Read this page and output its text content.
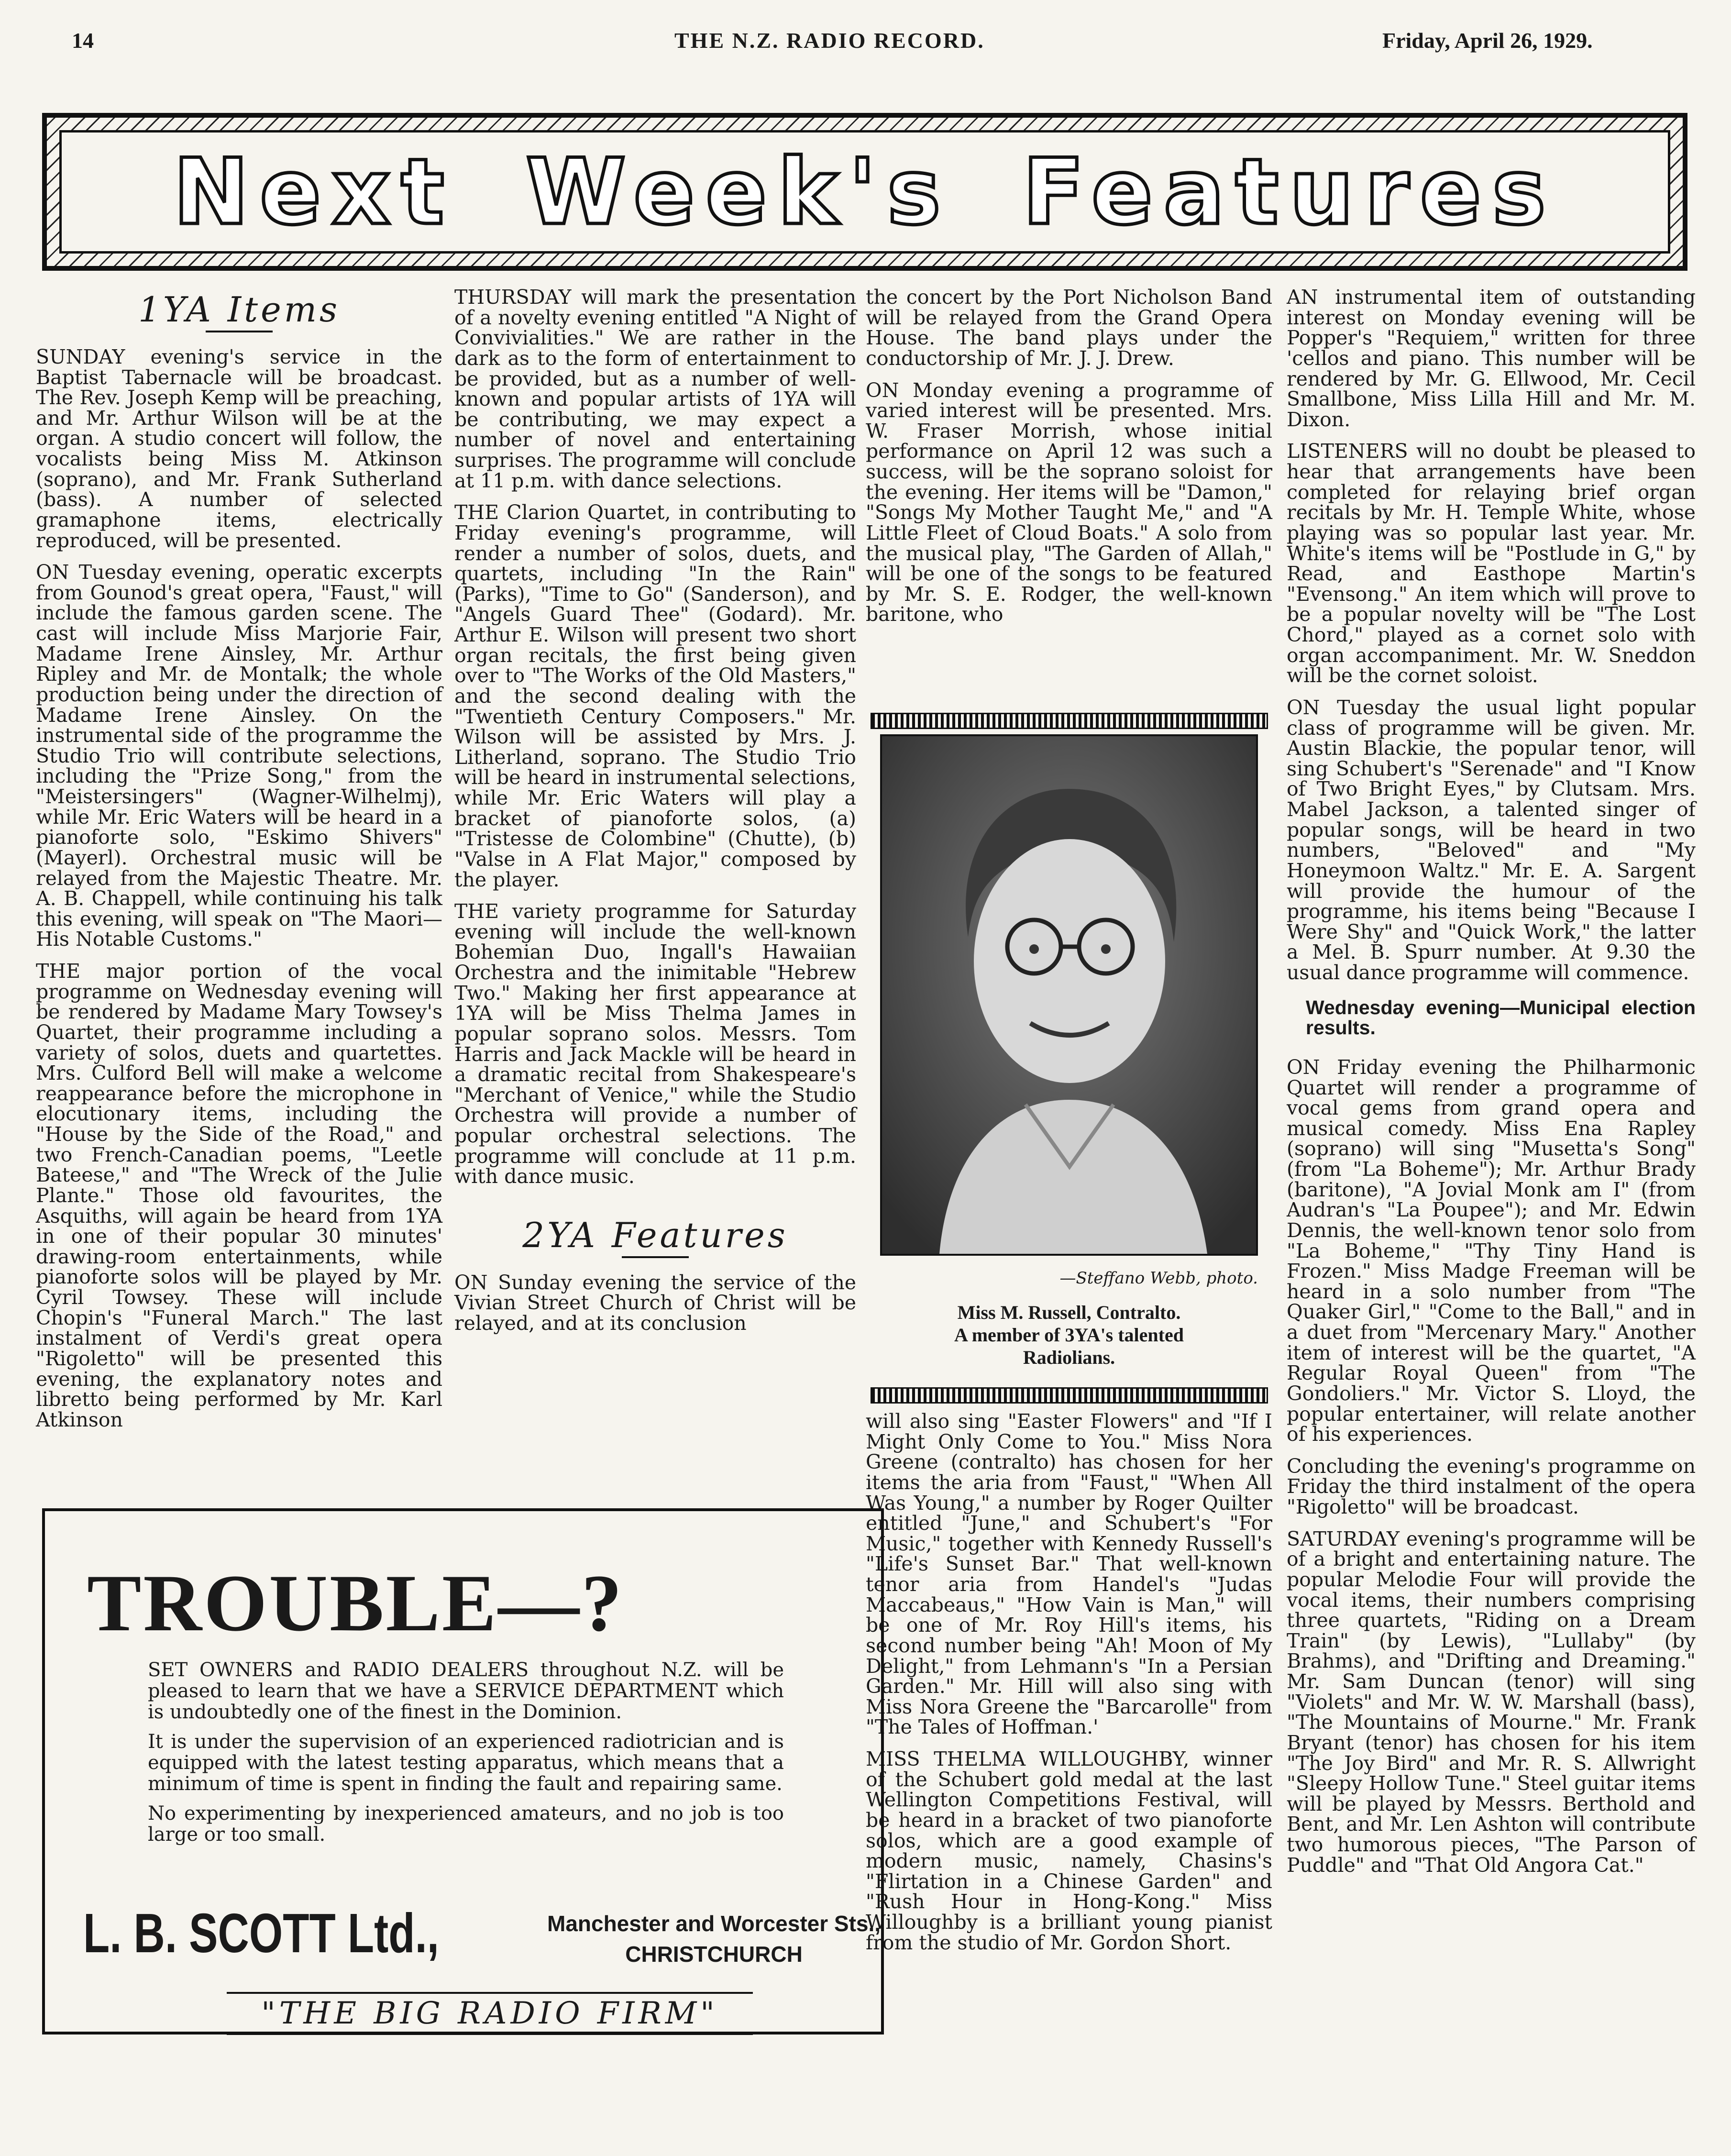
14	THE N.Z. RADIO RECORD.	Friday, April 26, 1929.
Next Week's Features
1YA Items

SUNDAY evening's service in the Baptist Tabernacle will be broadcast. The Rev. Joseph Kemp will be preaching, and Mr. Arthur Wilson will be at the organ. A studio concert will follow, the vocalists being Miss M. Atkinson (soprano), and Mr. Frank Sutherland (bass). A number of selected gramaphone items, electrically reproduced, will be presented.

ON Tuesday evening, operatic excerpts from Gounod's great opera, "Faust," will include the famous garden scene. The cast will include Miss Marjorie Fair, Madame Irene Ainsley, Mr. Arthur Ripley and Mr. de Montalk; the whole production being under the direction of Madame Irene Ainsley. On the instrumental side of the programme the Studio Trio will contribute selections, including the "Prize Song," from the "Meistersingers" (Wagner-Wilhelmj), while Mr. Eric Waters will be heard in a pianoforte solo, "Eskimo Shivers" (Mayerl). Orchestral music will be relayed from the Majestic Theatre. Mr. A. B. Chappell, while continuing his talk this evening, will speak on "The Maori—His Notable Customs."

THE major portion of the vocal programme on Wednesday evening will be rendered by Madame Mary Towsey's Quartet, their programme including a variety of solos, duets and quartettes. Mrs. Culford Bell will make a welcome reappearance before the microphone in elocutionary items, including the "House by the Side of the Road," and two French-Canadian poems, "Leetle Bateese," and "The Wreck of the Julie Plante." Those old favourites, the Asquiths, will again be heard from 1YA in one of their popular 30 minutes' drawing-room entertainments, while pianoforte solos will be played by Mr. Cyril Towsey. These will include Chopin's "Funeral March." The last instalment of Verdi's great opera "Rigoletto" will be presented this evening, the explanatory notes and libretto being performed by Mr. Karl Atkinson

THURSDAY will mark the presentation of a novelty evening entitled "A Night of Convivialities." We are rather in the dark as to the form of entertainment to be provided, but as a number of well-known and popular artists of 1YA will be contributing, we may expect a number of novel and entertaining surprises. The programme will conclude at 11 p.m. with dance selections.

THE Clarion Quartet, in contributing to Friday evening's programme, will render a number of solos, duets, and quartets, including "In the Rain" (Parks), "Time to Go" (Sanderson), and "Angels Guard Thee" (Godard). Mr. Arthur E. Wilson will present two short organ recitals, the first being given over to "The Works of the Old Masters," and the second dealing with the "Twentieth Century Composers." Mr. Wilson will be assisted by Mrs. J. Litherland, soprano. The Studio Trio will be heard in instrumental selections, while Mr. Eric Waters will play a bracket of pianoforte solos, (a) "Tristesse de Colombine" (Chutte), (b) "Valse in A Flat Major," composed by the player.

THE variety programme for Saturday evening will include the well-known Bohemian Duo, Ingall's Hawaiian Orchestra and the inimitable "Hebrew Two." Making her first appearance at 1YA will be Miss Thelma James in popular soprano solos. Messrs. Tom Harris and Jack Mackle will be heard in a dramatic recital from Shakespeare's "Merchant of Venice," while the Studio Orchestra will provide a number of popular orchestral selections. The programme will conclude at 11 p.m. with dance music.

2YA Features

ON Sunday evening the service of the Vivian Street Church of Christ will be relayed, and at its conclusion

the concert by the Port Nicholson Band will be relayed from the Grand Opera House. The band plays under the conductorship of Mr. J. J. Drew.

ON Monday evening a programme of varied interest will be presented. Mrs. W. Fraser Morrish, whose initial performance on April 12 was such a success, will be the soprano soloist for the evening. Her items will be "Damon," "Songs My Mother Taught Me," and "A Little Fleet of Cloud Boats." A solo from the musical play, "The Garden of Allah," will be one of the songs to be featured by Mr. S. E. Rodger, the well-known baritone, who

—Steffano Webb, photo.
Miss M. Russell, Contralto.
A member of 3YA's talented
Radiolians.

will also sing "Easter Flowers" and "If I Might Only Come to You." Miss Nora Greene (contralto) has chosen for her items the aria from "Faust," "When All Was Young," a number by Roger Quilter entitled "June," and Schubert's "For Music," together with Kennedy Russell's "Life's Sunset Bar." That well-known tenor aria from Handel's "Judas Maccabeaus," "How Vain is Man," will be one of Mr. Roy Hill's items, his second number being "Ah! Moon of My Delight," from Lehmann's "In a Persian Garden." Mr. Hill will also sing with Miss Nora Greene the "Barcarolle" from "The Tales of Hoffman.'

MISS THELMA WILLOUGHBY, winner of the Schubert gold medal at the last Wellington Competitions Festival, will be heard in a bracket of two pianoforte solos, which are a good example of modern music, namely, Chasins's "Flirtation in a Chinese Garden" and "Rush Hour in Hong-Kong." Miss Willoughby is a brilliant young pianist from the studio of Mr. Gordon Short.

AN instrumental item of outstanding interest on Monday evening will be Popper's "Requiem," written for three 'cellos and piano. This number will be rendered by Mr. G. Ellwood, Mr. Cecil Smallbone, Miss Lilla Hill and Mr. M. Dixon.

LISTENERS will no doubt be pleased to hear that arrangements have been completed for relaying brief organ recitals by Mr. H. Temple White, whose playing was so popular last year. Mr. White's items will be "Postlude in G," by Read, and Easthope Martin's "Evensong." An item which will prove to be a popular novelty will be "The Lost Chord," played as a cornet solo with organ accompaniment. Mr. W. Sneddon will be the cornet soloist.

ON Tuesday the usual light popular class of programme will be given. Mr. Austin Blackie, the popular tenor, will sing Schubert's "Serenade" and "I Know of Two Bright Eyes," by Clutsam. Mrs. Mabel Jackson, a talented singer of popular songs, will be heard in two numbers, "Beloved" and "My Honeymoon Waltz." Mr. E. A. Sargent will provide the humour of the programme, his items being "Because I Were Shy" and "Quick Work," the latter a Mel. B. Spurr number. At 9.30 the usual dance programme will commence.

Wednesday evening—Municipal election results.

ON Friday evening the Philharmonic Quartet will render a programme of vocal gems from grand opera and musical comedy. Miss Ena Rapley (soprano) will sing "Musetta's Song" (from "La Boheme"); Mr. Arthur Brady (baritone), "A Jovial Monk am I" (from Audran's "La Poupee"); and Mr. Edwin Dennis, the well-known tenor solo from "La Boheme," "Thy Tiny Hand is Frozen." Miss Madge Freeman will be heard in a solo number from "The Quaker Girl," "Come to the Ball," and in a duet from "Mercenary Mary." Another item of interest will be the quartet, "A Regular Royal Queen" from "The Gondoliers." Mr. Victor S. Lloyd, the popular entertainer, will relate another of his experiences.

Concluding the evening's programme on Friday the third instalment of the opera "Rigoletto" will be broadcast.

SATURDAY evening's programme will be of a bright and entertaining nature. The popular Melodie Four will provide the vocal items, their numbers comprising three quartets, "Riding on a Dream Train" (by Lewis), "Lullaby" (by Brahms), and "Drifting and Dreaming." Mr. Sam Duncan (tenor) will sing "Violets" and Mr. W. W. Marshall (bass), "The Mountains of Mourne." Mr. Frank Bryant (tenor) has chosen for his item "The Joy Bird" and Mr. R. S. Allwright "Sleepy Hollow Tune." Steel guitar items will be played by Messrs. Berthold and Bent, and Mr. Len Ashton will contribute two humorous pieces, "The Parson of Puddle" and "That Old Angora Cat."

TROUBLE—?

SET OWNERS and RADIO DEALERS throughout N.Z. will be pleased to learn that we have a SERVICE DEPARTMENT which is undoubtedly one of the finest in the Dominion.

It is under the supervision of an experienced radiotrician and is equipped with the latest testing apparatus, which means that a minimum of time is spent in finding the fault and repairing same.

No experimenting by inexperienced amateurs, and no job is too large or too small.

L. B. SCOTT Ltd.,	Manchester and Worcester Sts.,
CHRISTCHURCH
"THE BIG RADIO FIRM"
